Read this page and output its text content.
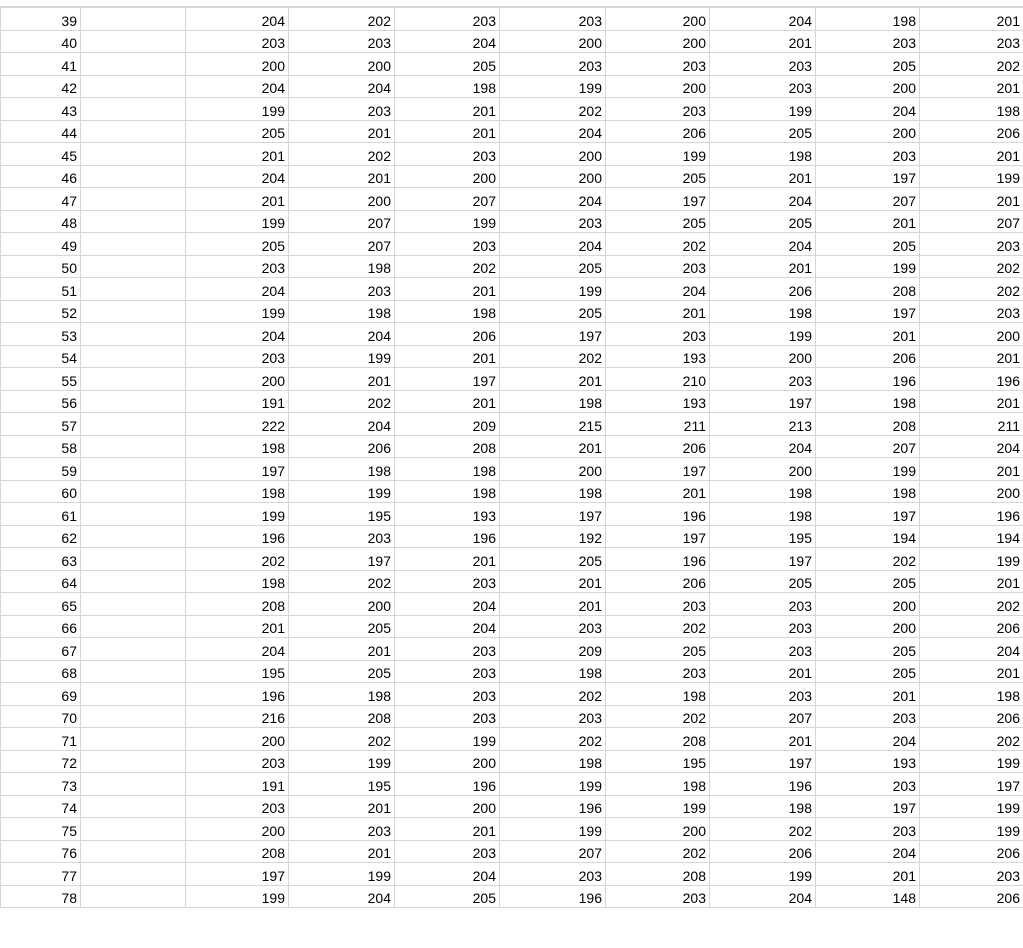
39		204	202	203	203	200	204	198	201
40		203	203	204	200	200	201	203	203
41		200	200	205	203	203	203	205	202
42		204	204	198	199	200	203	200	201
43		199	203	201	202	203	199	204	198
44		205	201	201	204	206	205	200	206
45		201	202	203	200	199	198	203	201
46		204	201	200	200	205	201	197	199
47		201	200	207	204	197	204	207	201
48		199	207	199	203	205	205	201	207
49		205	207	203	204	202	204	205	203
50		203	198	202	205	203	201	199	202
51		204	203	201	199	204	206	208	202
52		199	198	198	205	201	198	197	203
53		204	204	206	197	203	199	201	200
54		203	199	201	202	193	200	206	201
55		200	201	197	201	210	203	196	196
56		191	202	201	198	193	197	198	201
57		222	204	209	215	211	213	208	211
58		198	206	208	201	206	204	207	204
59		197	198	198	200	197	200	199	201
60		198	199	198	198	201	198	198	200
61		199	195	193	197	196	198	197	196
62		196	203	196	192	197	195	194	194
63		202	197	201	205	196	197	202	199
64		198	202	203	201	206	205	205	201
65		208	200	204	201	203	203	200	202
66		201	205	204	203	202	203	200	206
67		204	201	203	209	205	203	205	204
68		195	205	203	198	203	201	205	201
69		196	198	203	202	198	203	201	198
70		216	208	203	203	202	207	203	206
71		200	202	199	202	208	201	204	202
72		203	199	200	198	195	197	193	199
73		191	195	196	199	198	196	203	197
74		203	201	200	196	199	198	197	199
75		200	203	201	199	200	202	203	199
76		208	201	203	207	202	206	204	206
77		197	199	204	203	208	199	201	203
78		199	204	205	196	203	204	148	206
